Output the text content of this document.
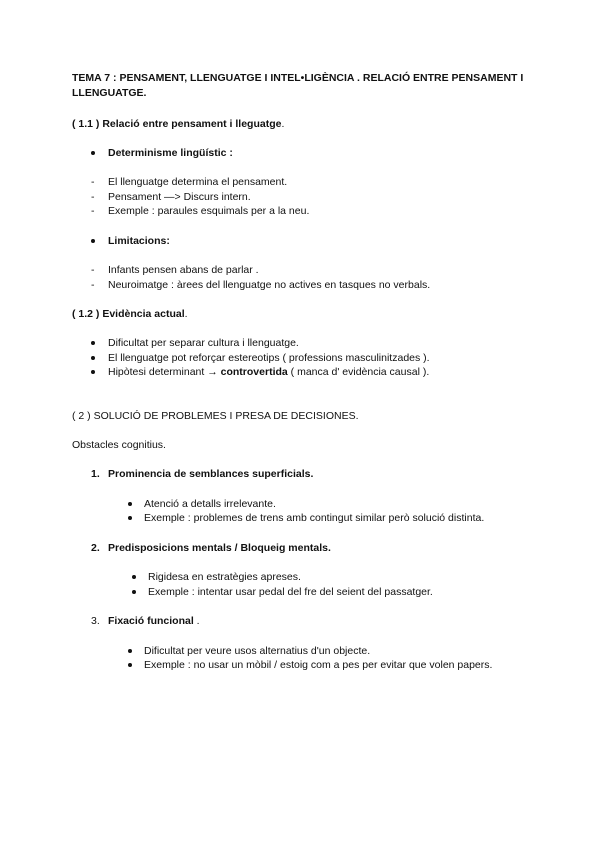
TEMA 7 : PENSAMENT, LLENGUATGE I INTEL•LIGÈNCIA . RELACIÓ ENTRE PENSAMENT I LLENGUATGE.
( 1.1 ) Relació entre pensament i lleguatge.
Determinisme lingüístic :
- El llenguatge determina el pensament.
- Pensament —> Discurs intern.
- Exemple : paraules esquimals per a la neu.
Limitacions:
- Infants pensen abans de parlar .
- Neuroimatge : àrees del llenguatge no actives en tasques no verbals.
( 1.2 ) Evidència actual.
Dificultat per separar cultura i llenguatge.
El llenguatge pot reforçar estereotips ( professions masculinitzades ).
Hipòtesi determinant → controvertida ( manca d' evidència causal ).
( 2 ) SOLUCIÓ DE PROBLEMES I PRESA DE DECISIONES.
Obstacles cognitius.
1. Prominencia de semblances superficials.
Atenció a detalls irrelevante.
Exemple : problemes de trens amb contingut similar però solució distinta.
2. Predisposicions mentals / Bloqueig mentals.
Rigidesa en estratègies apreses.
Exemple : intentar usar pedal del fre del seient del passatger.
3. Fixació funcional .
Dificultat per veure usos alternatius d'un objecte.
Exemple : no usar un mòbil / estoig com a pes per evitar que volen papers.
